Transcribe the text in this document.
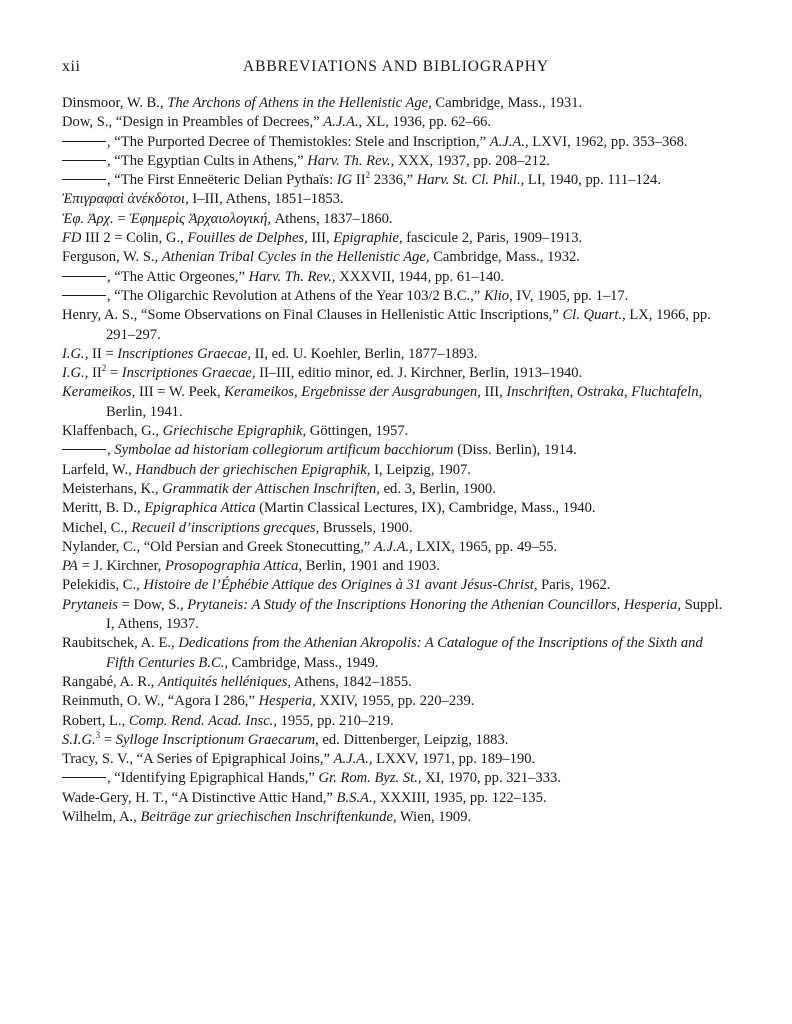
xii	ABBREVIATIONS AND BIBLIOGRAPHY
Dinsmoor, W. B., The Archons of Athens in the Hellenistic Age, Cambridge, Mass., 1931.
Dow, S., “Design in Preambles of Decrees,” A.J.A., XL, 1936, pp. 62–66.
, “The Purported Decree of Themistokles: Stele and Inscription,” A.J.A., LXVI, 1962, pp. 353–368.
, “The Egyptian Cults in Athens,” Harv. Th. Rev., XXX, 1937, pp. 208–212.
, “The First Enneëteric Delian Pythaïs: IG $II^2$ 2336,” Harv. St. Cl. Phil., LI, 1940, pp. 111–124.
Ἐπιγραφαὶ ἀνέκδοτοι, I–III, Athens, 1851–1853.
Ἐφ. Ἀρχ. = Ἐφημερὶς Ἀρχαιολογική, Athens, 1837–1860.
FD III 2 = Colin, G., Fouilles de Delphes, III, Epigraphie, fascicule 2, Paris, 1909–1913.
Ferguson, W. S., Athenian Tribal Cycles in the Hellenistic Age, Cambridge, Mass., 1932.
, “The Attic Orgeones,” Harv. Th. Rev., XXXVII, 1944, pp. 61–140.
, “The Oligarchic Revolution at Athens of the Year 103/2 B.C.,” Klio, IV, 1905, pp. 1–17.
Henry, A. S., “Some Observations on Final Clauses in Hellenistic Attic Inscriptions,” Cl. Quart., LX, 1966, pp. 291–297.
I.G., II = Inscriptiones Graecae, II, ed. U. Koehler, Berlin, 1877–1893.
I.G., $II^2$ = Inscriptiones Graecae, II–III, editio minor, ed. J. Kirchner, Berlin, 1913–1940.
Kerameikos, III = W. Peek, Kerameikos, Ergebnisse der Ausgrabungen, III, Inschriften, Ostraka, Fluchtafeln, Berlin, 1941.
Klaffenbach, G., Griechische Epigraphik, Göttingen, 1957.
, Symbolae ad historiam collegiorum artificum bacchiorum (Diss. Berlin), 1914.
Larfeld, W., Handbuch der griechischen Epigraphik, I, Leipzig, 1907.
Meisterhans, K., Grammatik der Attischen Inschriften, ed. 3, Berlin, 1900.
Meritt, B. D., Epigraphica Attica (Martin Classical Lectures, IX), Cambridge, Mass., 1940.
Michel, C., Recueil d’inscriptions grecques, Brussels, 1900.
Nylander, C., “Old Persian and Greek Stonecutting,” A.J.A., LXIX, 1965, pp. 49–55.
PA = J. Kirchner, Prosopographia Attica, Berlin, 1901 and 1903.
Pelekidis, C., Histoire de l’Éphébie Attique des Origines à 31 avant Jésus-Christ, Paris, 1962.
Prytaneis = Dow, S., Prytaneis: A Study of the Inscriptions Honoring the Athenian Councillors, Hesperia, Suppl. I, Athens, 1937.
Raubitschek, A. E., Dedications from the Athenian Akropolis: A Catalogue of the Inscriptions of the Sixth and Fifth Centuries B.C., Cambridge, Mass., 1949.
Rangabé, A. R., Antiquités helléniques, Athens, 1842–1855.
Reinmuth, O. W., “Agora I 286,” Hesperia, XXIV, 1955, pp. 220–239.
Robert, L., Comp. Rend. Acad. Insc., 1955, pp. 210–219.
S.I.G.$^3$ = Sylloge Inscriptionum Graecarum, ed. Dittenberger, Leipzig, 1883.
Tracy, S. V., “A Series of Epigraphical Joins,” A.J.A., LXXV, 1971, pp. 189–190.
, “Identifying Epigraphical Hands,” Gr. Rom. Byz. St., XI, 1970, pp. 321–333.
Wade-Gery, H. T., “A Distinctive Attic Hand,” B.S.A., XXXIII, 1935, pp. 122–135.
Wilhelm, A., Beiträge zur griechischen Inschriftenkunde, Wien, 1909.
